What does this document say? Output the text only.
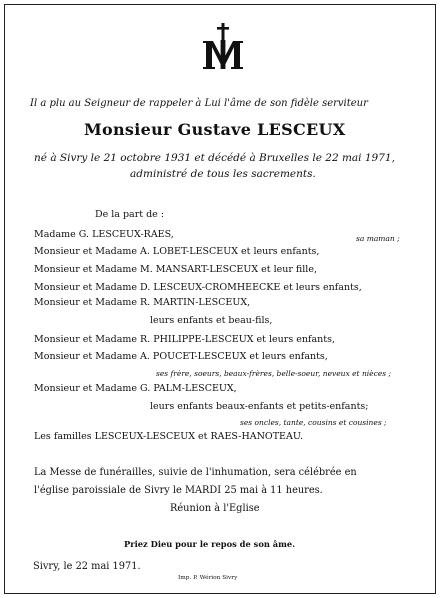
Il a plu au Seigneur de rappeler à Lui l'âme de son fidèle serviteur
Monsieur Gustave LESCEUX
né à Sivry le 21 octobre 1931 et décédé à Bruxelles le 22 mai 1971,
administré de tous les sacrements.
De la part de :
Madame G. LESCEUX-RAES,	sa maman ;
Monsieur et Madame A. LOBET-LESCEUX et leurs enfants,
Monsieur et Madame M. MANSART-LESCEUX et leur fille,
Monsieur et Madame D. LESCEUX-CROMHEECKE et leurs enfants,
Monsieur et Madame R. MARTIN-LESCEUX,
leurs enfants et beau-fils,
Monsieur et Madame R. PHILIPPE-LESCEUX et leurs enfants,
Monsieur et Madame A. POUCET-LESCEUX et leurs enfants,
ses frère, soeurs, beaux-frères, belle-soeur, neveux et nièces ;
Monsieur et Madame G. PALM-LESCEUX,
leurs enfants beaux-enfants et petits-enfants;
ses oncles, tante, cousins et cousines ;
Les familles LESCEUX-LESCEUX et RAES-HANOTEAU.
La Messe de funérailles, suivie de l'inhumation, sera célébrée en
l'église paroissiale de Sivry le MARDI 25 mai à 11 heures.
Réunion à l'Eglise
Priez Dieu pour le repos de son âme.
Sivry, le 22 mai 1971.
Imp. P. Wérion Sivry
